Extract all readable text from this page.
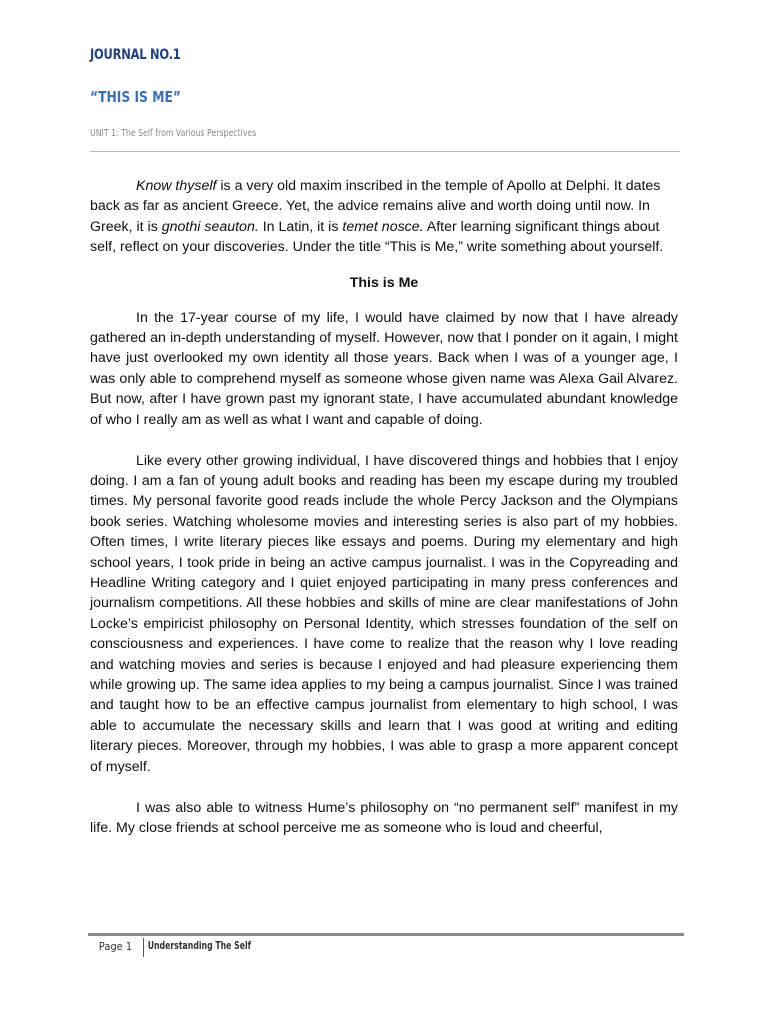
JOURNAL NO.1
“THIS IS ME”
UNIT 1: The Self from Various Perspectives

Know thyself is a very old maxim inscribed in the temple of Apollo at Delphi. It dates back as far as ancient Greece. Yet, the advice remains alive and worth doing until now. In Greek, it is gnothi seauton. In Latin, it is temet nosce. After learning significant things about self, reflect on your discoveries. Under the title “This is Me,” write something about yourself.

This is Me

In the 17-year course of my life, I would have claimed by now that I have already gathered an in-depth understanding of myself. However, now that I ponder on it again, I might have just overlooked my own identity all those years. Back when I was of a younger age, I was only able to comprehend myself as someone whose given name was Alexa Gail Alvarez. But now, after I have grown past my ignorant state, I have accumulated abundant knowledge of who I really am as well as what I want and capable of doing.

Like every other growing individual, I have discovered things and hobbies that I enjoy doing. I am a fan of young adult books and reading has been my escape during my troubled times. My personal favorite good reads include the whole Percy Jackson and the Olympians book series. Watching wholesome movies and interesting series is also part of my hobbies. Often times, I write literary pieces like essays and poems. During my elementary and high school years, I took pride in being an active campus journalist. I was in the Copyreading and Headline Writing category and I quiet enjoyed participating in many press conferences and journalism competitions. All these hobbies and skills of mine are clear manifestations of John Locke’s empiricist philosophy on Personal Identity, which stresses foundation of the self on consciousness and experiences. I have come to realize that the reason why I love reading and watching movies and series is because I enjoyed and had pleasure experiencing them while growing up. The same idea applies to my being a campus journalist. Since I was trained and taught how to be an effective campus journalist from elementary to high school, I was able to accumulate the necessary skills and learn that I was good at writing and editing literary pieces. Moreover, through my hobbies, I was able to grasp a more apparent concept of myself.

I was also able to witness Hume’s philosophy on “no permanent self” manifest in my life. My close friends at school perceive me as someone who is loud and cheerful,

Page 1	Understanding The Self
